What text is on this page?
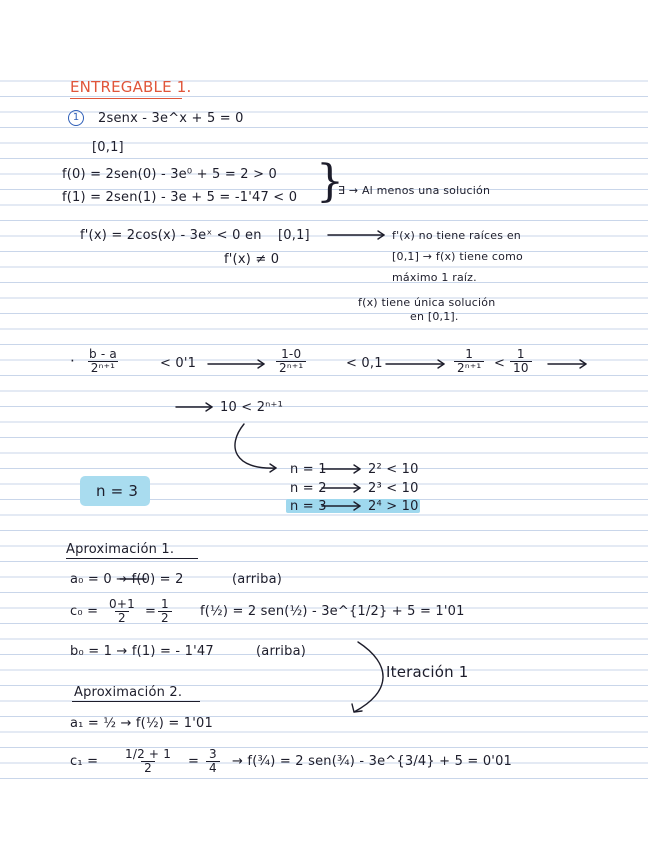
ENTREGABLE 1.
1	2senx - 3e^x + 5 = 0
[0,1]
f(0) = 2sen(0) - 3e⁰ + 5 = 2 > 0
f(1) = 2sen(1) - 3e + 5 = -1'47 < 0 }
∃ → Al menos una solución
f'(x) = 2cos(x) - 3eˣ < 0 en [0,1]	f'(x) no tiene raíces en
[0,1] → f(x) tiene como
máximo 1 raíz.
f'(x) ≠ 0
f(x) tiene única solución
en [0,1].
· $\frac{b - a}{\text{2ⁿ⁺¹}}$	< 0'1	$\frac{1-0}{\text{2ⁿ⁺¹}}$	< 0,1	$\frac{1}{\text{2ⁿ⁺¹}} < \frac{1}{10}$
10 < 2ⁿ⁺¹
n = 3
n = 1	2² < 10
n = 2	2³ < 10
n = 3	2⁴ > 10
Aproximación 1.
a₀ = 0 → f(0) = 2	(arriba)
$c_0 = \frac{0+1}{2} = \frac{1}{2}$ f(½) = 2 sen(½) - 3e^{1/2} + 5 = 1'01
b₀ = 1 → f(1) = - 1'47	(arriba)
Iteración 1
Aproximación 2.
a₁ = ½ → f(½) = 1'01
$c_1 = \frac{1/2 + 1}{2} = \frac{3}{4}$ → f(¾) = 2 sen(¾) - 3e^{3/4} + 5 = 0'01
